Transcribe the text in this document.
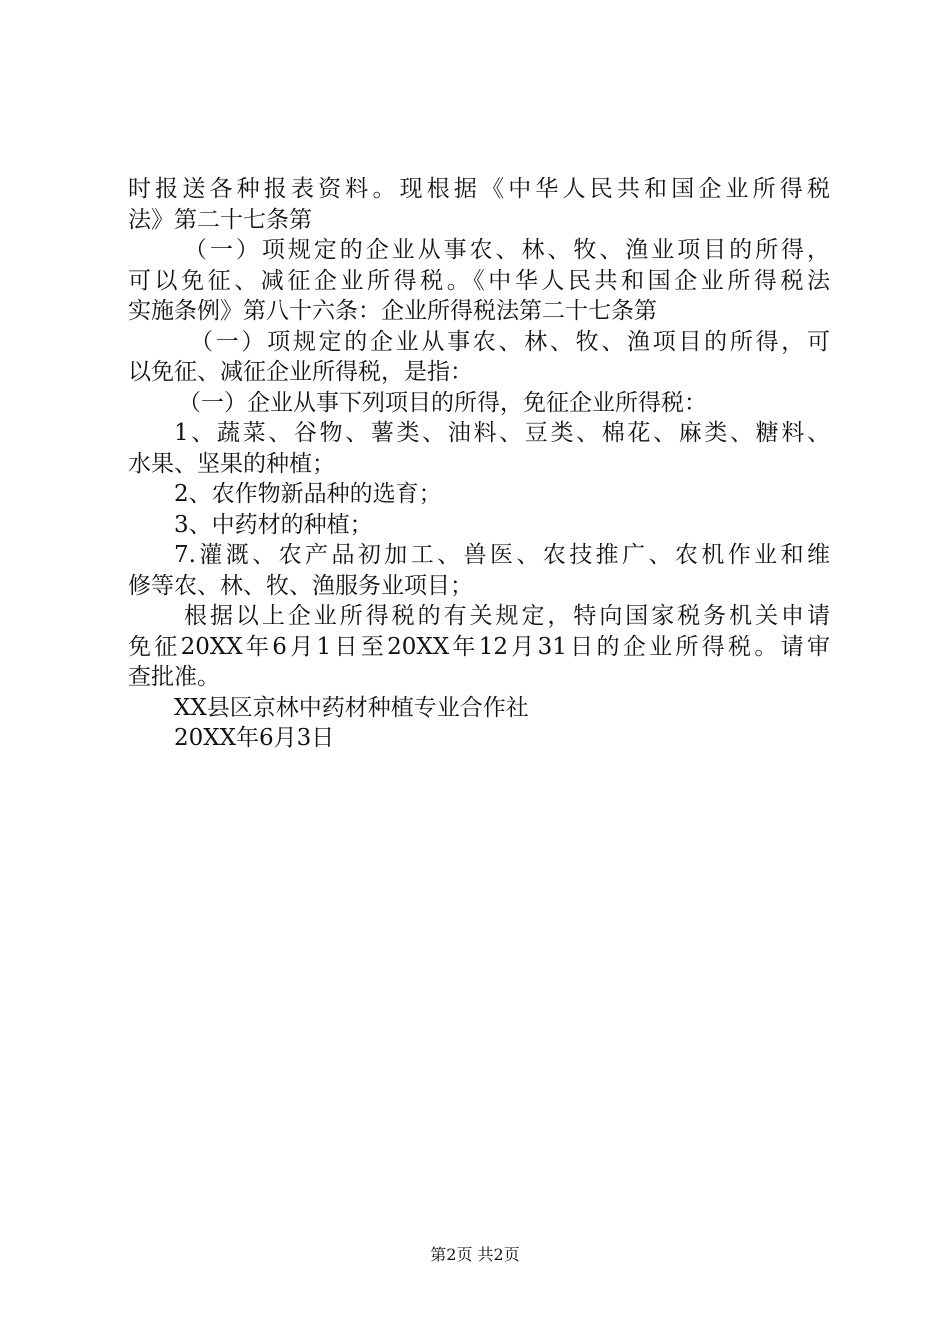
时报送各种报表资料。现根据《中华人民共和国企业所得税
法》第二十七条第
（一）项规定的企业从事农、林、牧、渔业项目的所得，
可以免征、减征企业所得税。《中华人民共和国企业所得税法
实施条例》第八十六条：企业所得税法第二十七条第
（一）项规定的企业从事农、林、牧、渔项目的所得，可
以免征、减征企业所得税，是指：
（一）企业从事下列项目的所得，免征企业所得税：
1、蔬菜、谷物、薯类、油料、豆类、棉花、麻类、糖料、
水果、坚果的种植；
2、农作物新品种的选育；
3、中药材的种植；
7.灌溉、农产品初加工、兽医、农技推广、农机作业和维
修等农、林、牧、渔服务业项目；
根据以上企业所得税的有关规定，特向国家税务机关申请
免征20XX年6月1日至20XX年12月31日的企业所得税。请审
查批准。
XX县区京林中药材种植专业合作社
20XX年6月3日
第2页 共2页
